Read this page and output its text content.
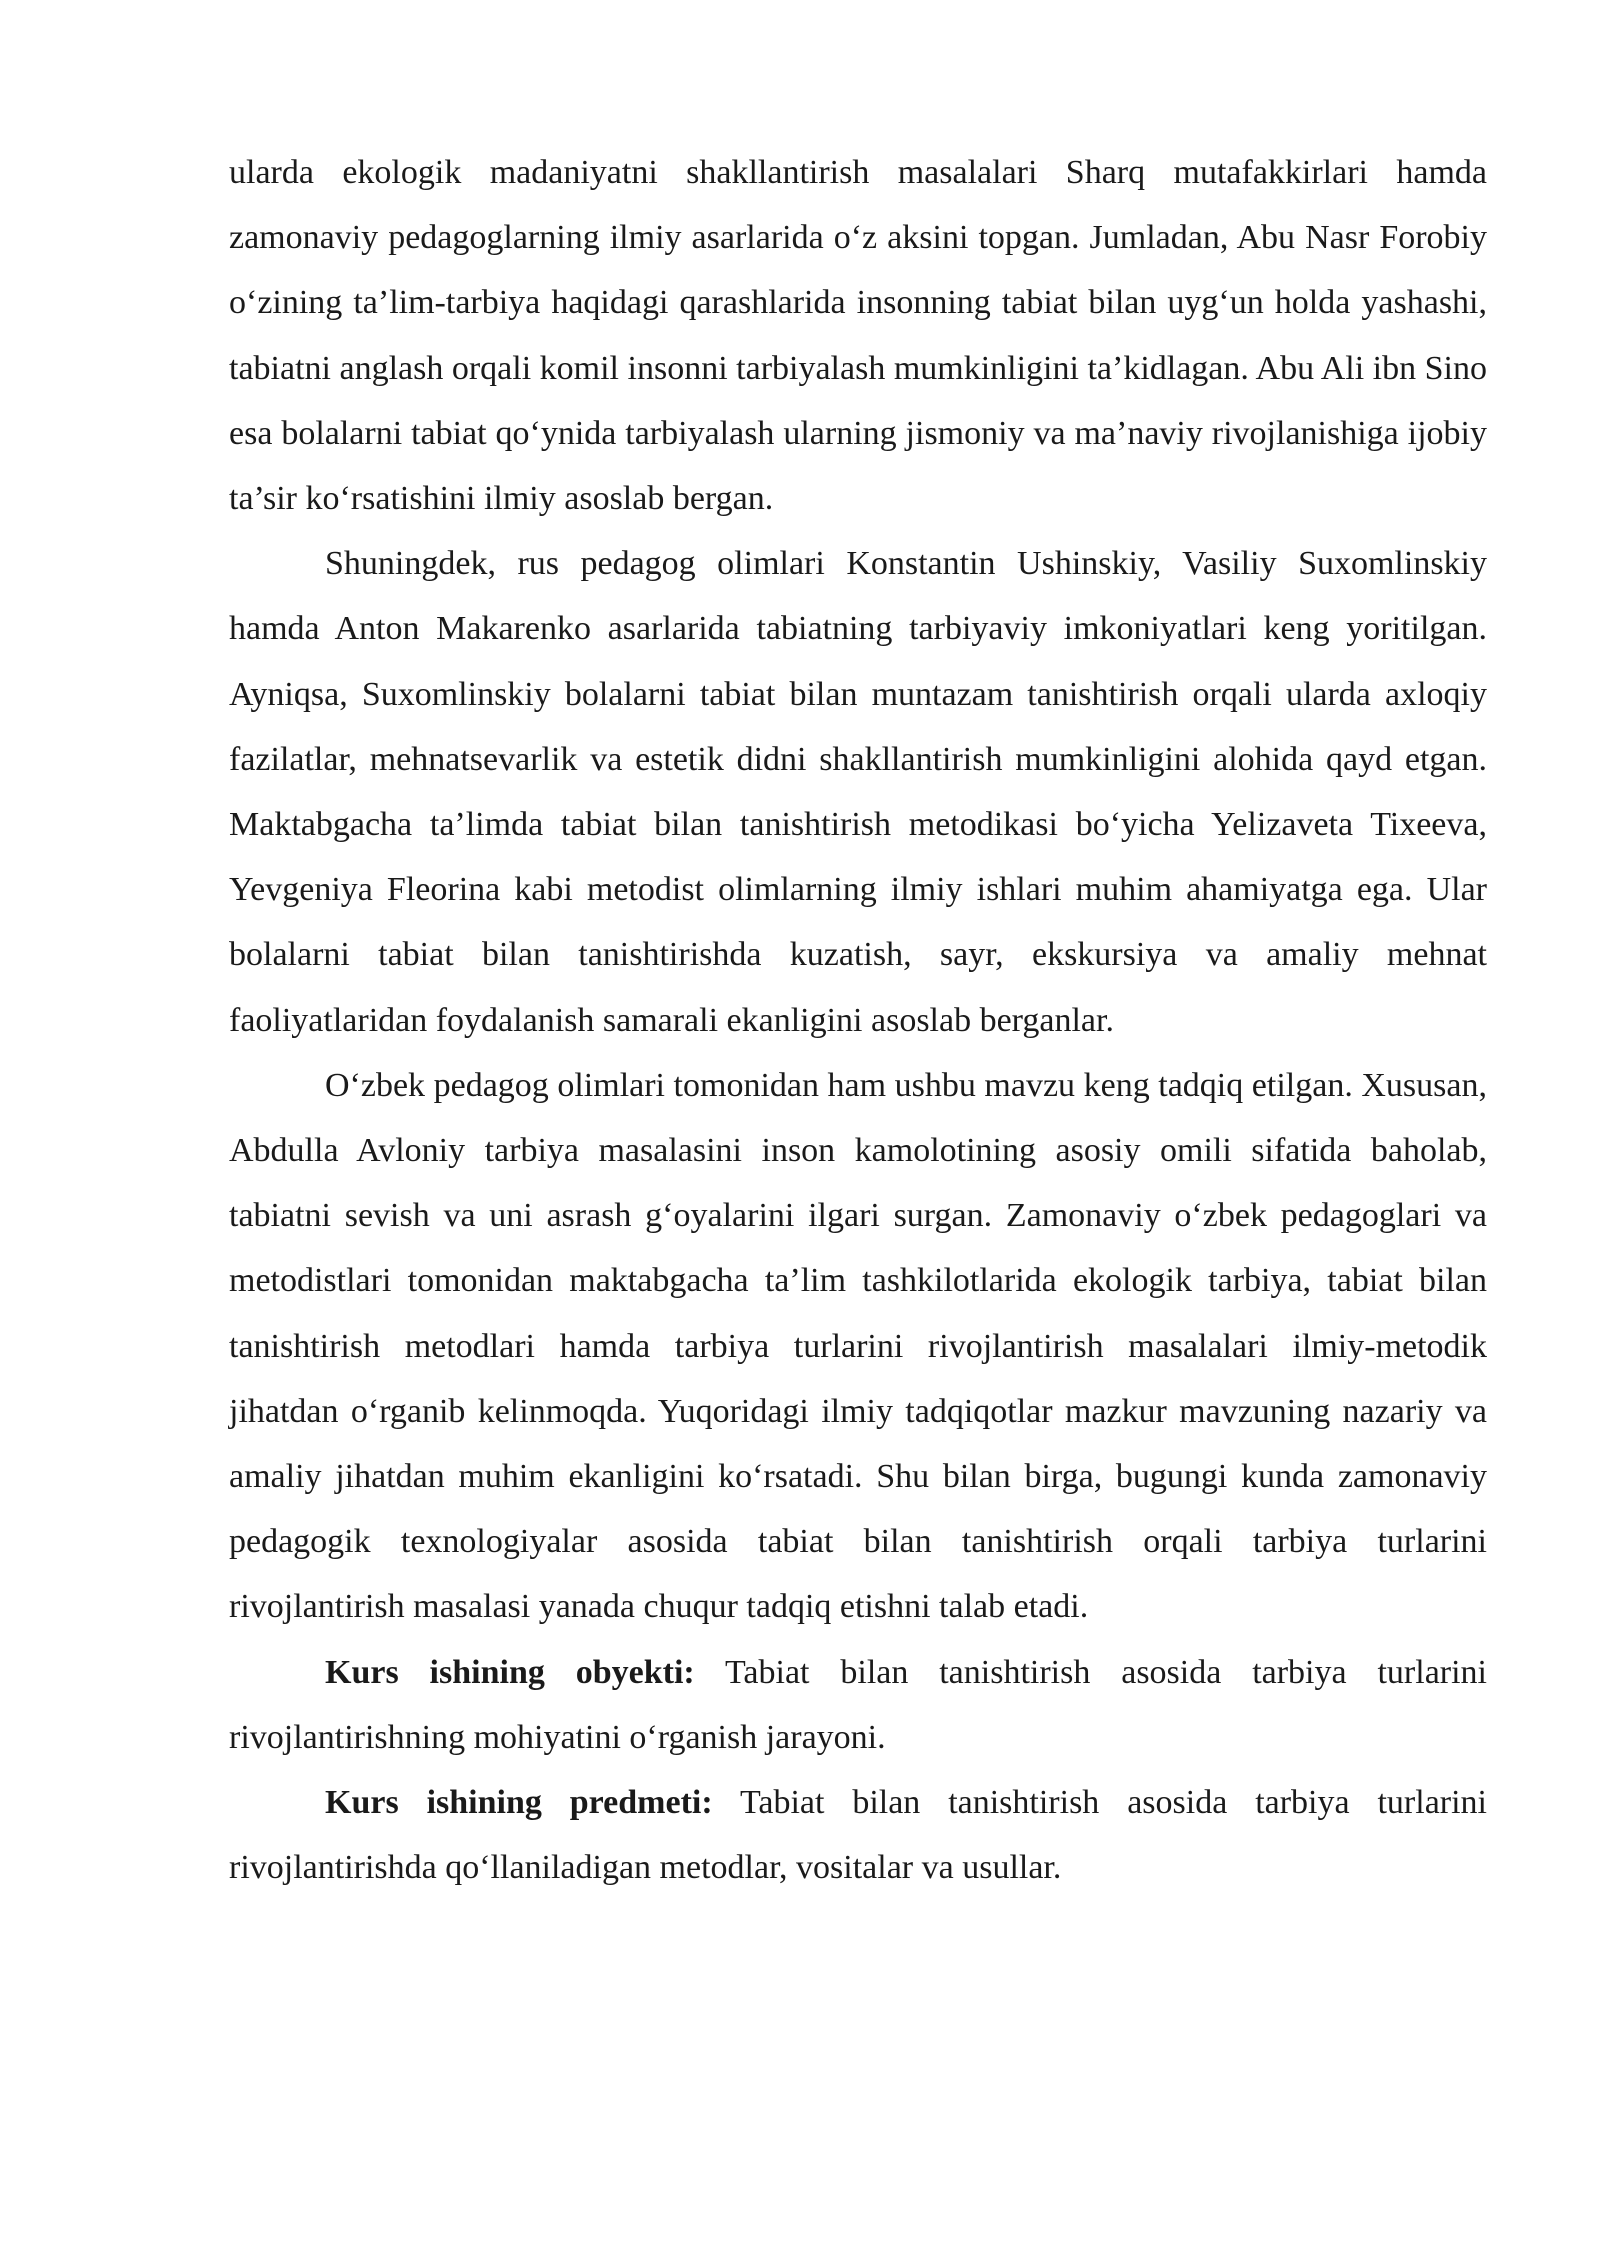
ularda ekologik madaniyatni shakllantirish masalalari Sharq mutafakkirlari hamda zamonaviy pedagoglarning ilmiy asarlarida o‘z aksini topgan. Jumladan, Abu Nasr Forobiy o‘zining ta’lim-tarbiya haqidagi qarashlarida insonning tabiat bilan uyg‘un holda yashashi, tabiatni anglash orqali komil insonni tarbiyalash mumkinligini ta’kidlagan. Abu Ali ibn Sino esa bolalarni tabiat qo‘ynida tarbiyalash ularning jismoniy va ma’naviy rivojlanishiga ijobiy ta’sir ko‘rsatishini ilmiy asoslab bergan.

Shuningdek, rus pedagog olimlari Konstantin Ushinskiy, Vasiliy Suxomlinskiy hamda Anton Makarenko asarlarida tabiatning tarbiyaviy imkoniyatlari keng yoritilgan. Ayniqsa, Suxomlinskiy bolalarni tabiat bilan muntazam tanishtirish orqali ularda axloqiy fazilatlar, mehnatsevarlik va estetik didni shakllantirish mumkinligini alohida qayd etgan. Maktabgacha ta’limda tabiat bilan tanishtirish metodikasi bo‘yicha Yelizaveta Tixeeva, Yevgeniya Fleorina kabi metodist olimlarning ilmiy ishlari muhim ahamiyatga ega. Ular bolalarni tabiat bilan tanishtirishda kuzatish, sayr, ekskursiya va amaliy mehnat faoliyatlaridan foydalanish samarali ekanligini asoslab berganlar.

O‘zbek pedagog olimlari tomonidan ham ushbu mavzu keng tadqiq etilgan. Xususan, Abdulla Avloniy tarbiya masalasini inson kamolotining asosiy omili sifatida baholab, tabiatni sevish va uni asrash g‘oyalarini ilgari surgan. Zamonaviy o‘zbek pedagoglari va metodistlari tomonidan maktabgacha ta’lim tashkilotlarida ekologik tarbiya, tabiat bilan tanishtirish metodlari hamda tarbiya turlarini rivojlantirish masalalari ilmiy-metodik jihatdan o‘rganib kelinmoqda. Yuqoridagi ilmiy tadqiqotlar mazkur mavzuning nazariy va amaliy jihatdan muhim ekanligini ko‘rsatadi. Shu bilan birga, bugungi kunda zamonaviy pedagogik texnologiyalar asosida tabiat bilan tanishtirish orqali tarbiya turlarini rivojlantirish masalasi yanada chuqur tadqiq etishni talab etadi.

Kurs ishining obyekti: Tabiat bilan tanishtirish asosida tarbiya turlarini rivojlantirishning mohiyatini o‘rganish jarayoni.

Kurs ishining predmeti: Tabiat bilan tanishtirish asosida tarbiya turlarini rivojlantirishda qo‘llaniladigan metodlar, vositalar va usullar.
